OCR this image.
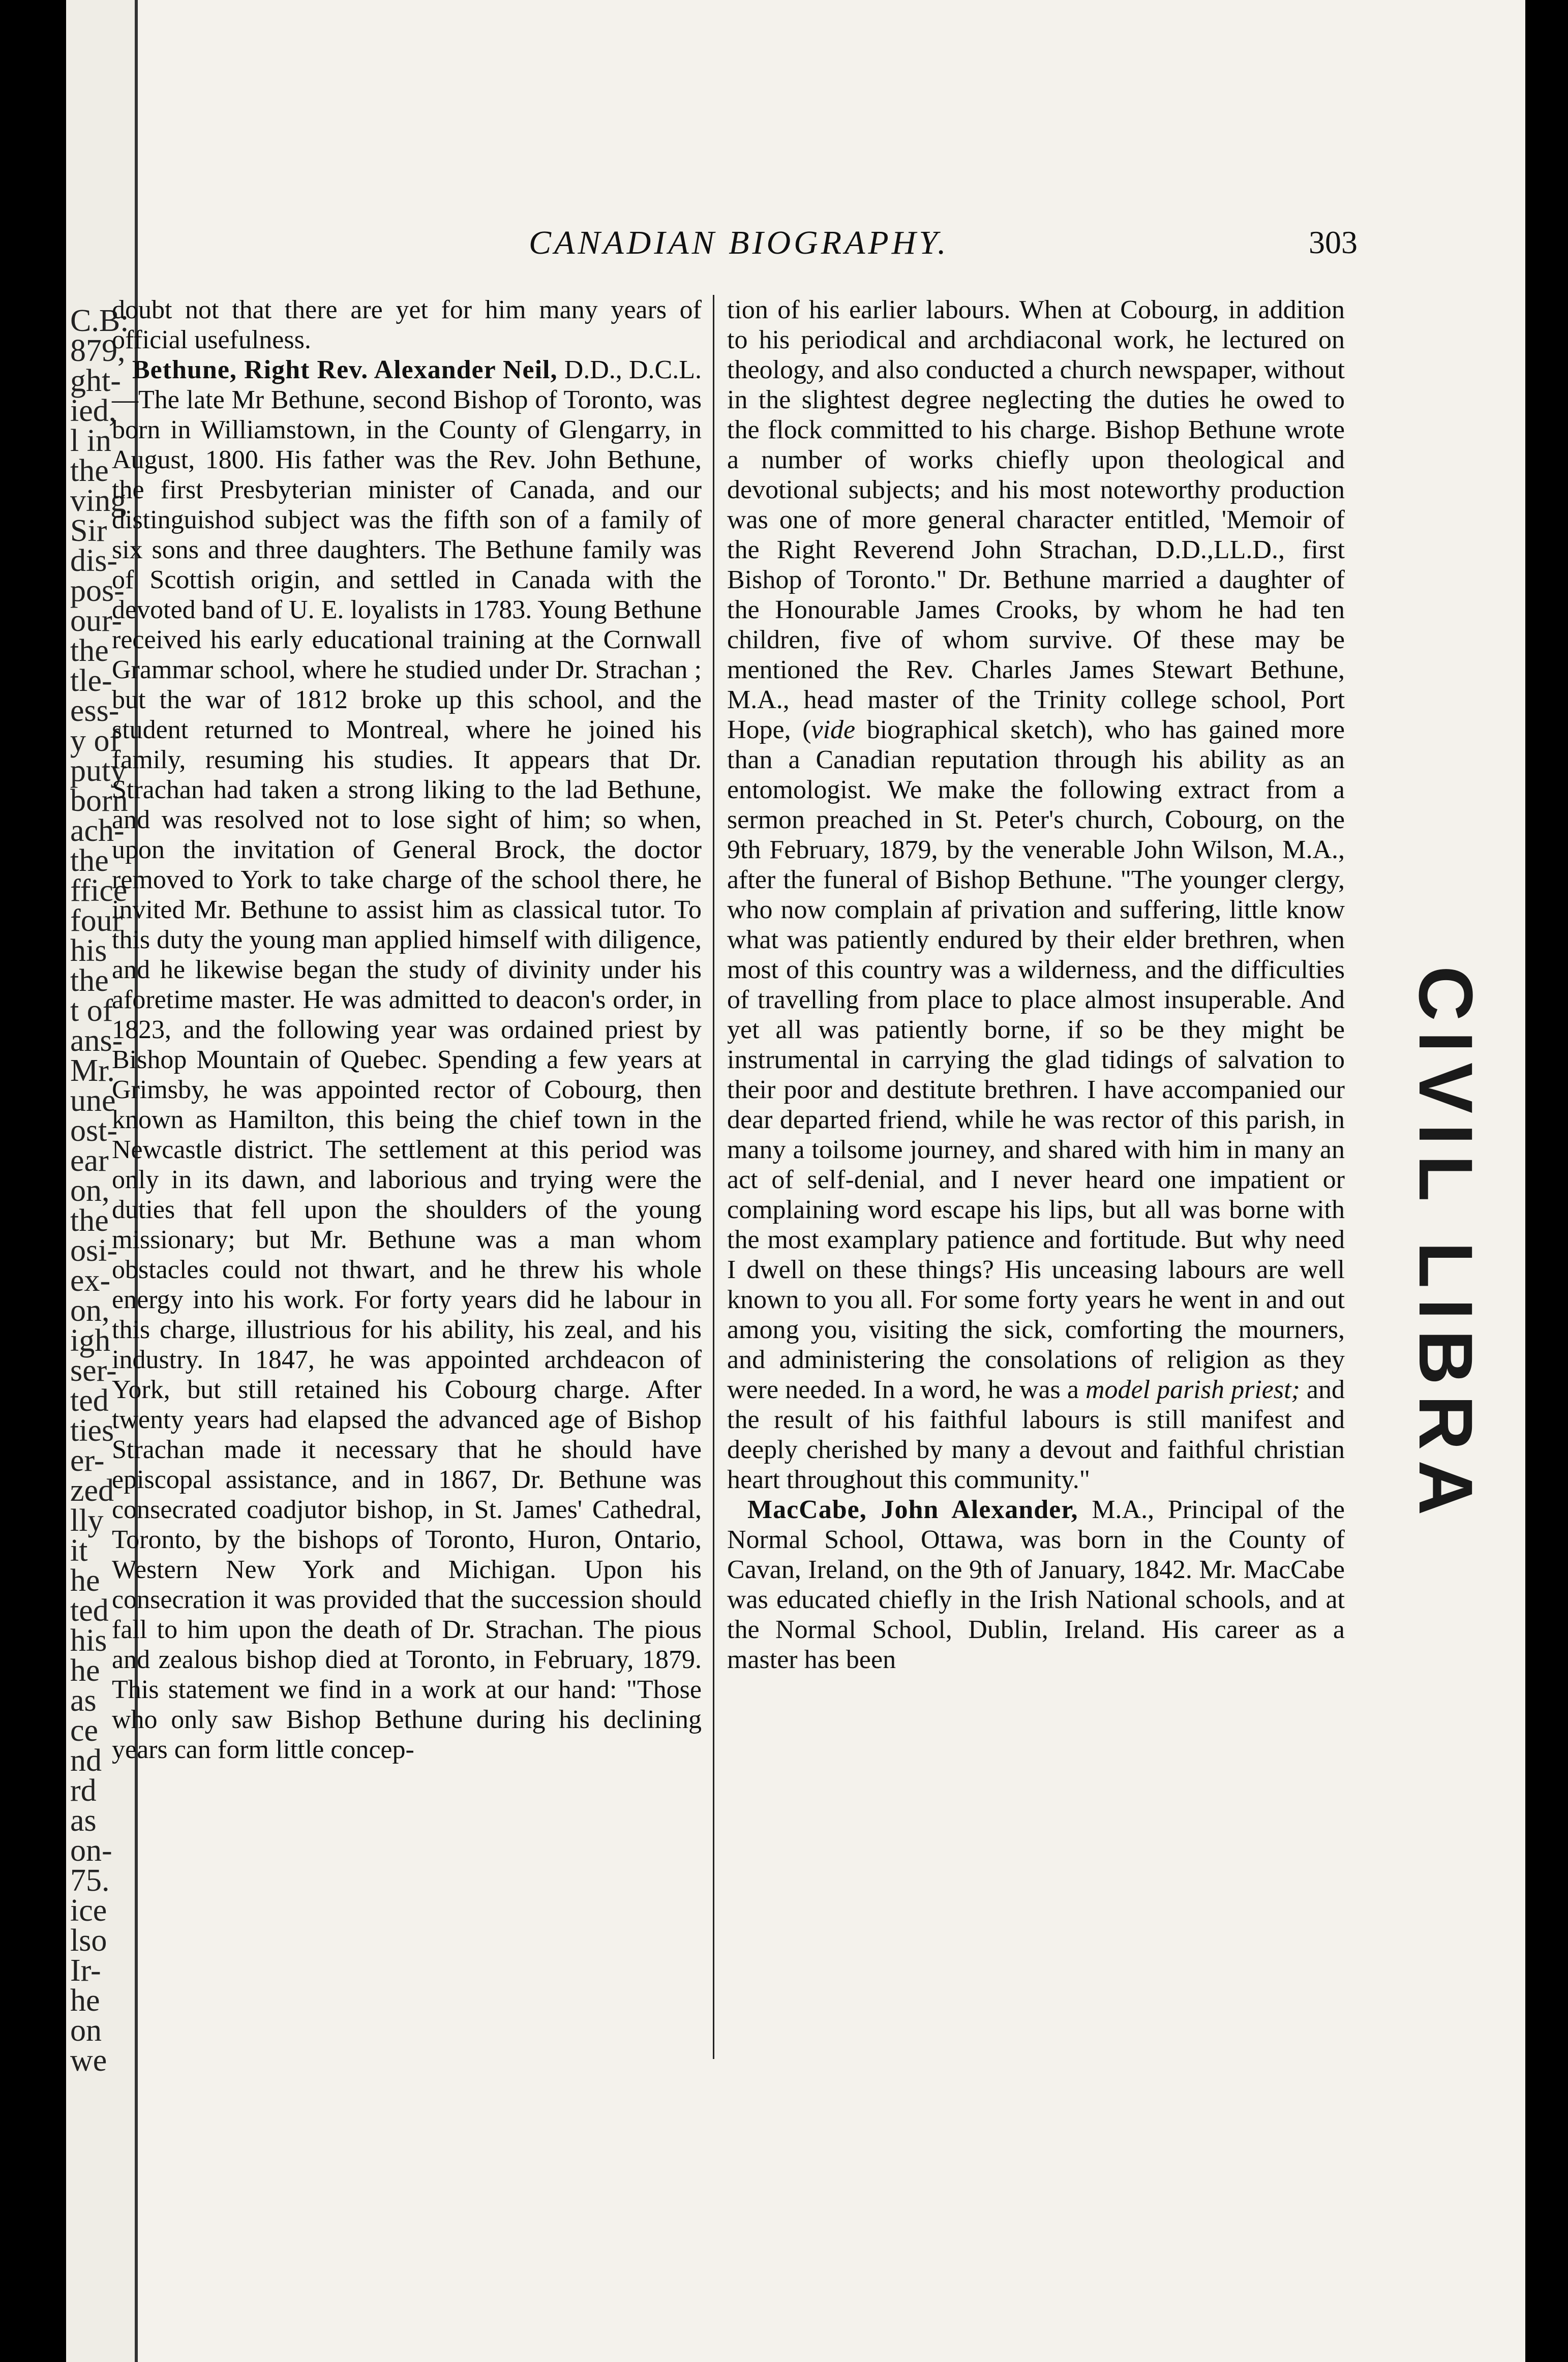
C.B:
879,
ght-
ied,
l in
the
ving
Sir
dis-
pos-
our-
the
tle-
ess-
y of
puty
born
ach-
the
ffice
four
his
the
t of
ans-
Mr.
une
ost-
ear
on,
the
osi-
ex-
on,
igh
ser-
ted
ties
er-
zed
lly
it
he
ted
his
he
as
ce
nd
rd
as
on-
75.
ice
lso
Ir-
he
on
we
CANADIAN BIOGRAPHY.	303

doubt not that there are yet for him many years of official usefulness.

Bethune, Right Rev. Alexander Neil, D.D., D.C.L.—The late Mr Bethune, second Bishop of Toronto, was born in Williamstown, in the County of Glengarry, in August, 1800. His father was the Rev. John Bethune, the first Presbyterian minister of Canada, and our distinguishod subject was the fifth son of a family of six sons and three daughters. The Bethune family was of Scottish origin, and settled in Canada with the devoted band of U. E. loyalists in 1783. Young Bethune received his early educational training at the Cornwall Grammar school, where he studied under Dr. Strachan ; but the war of 1812 broke up this school, and the student returned to Montreal, where he joined his family, resuming his studies. It appears that Dr. Strachan had taken a strong liking to the lad Bethune, and was resolved not to lose sight of him; so when, upon the invitation of General Brock, the doctor removed to York to take charge of the school there, he invited Mr. Bethune to assist him as classical tutor. To this duty the young man applied himself with diligence, and he likewise began the study of divinity under his aforetime master. He was admitted to deacon's order, in 1823, and the following year was ordained priest by Bishop Mountain of Quebec. Spending a few years at Grimsby, he was appointed rector of Cobourg, then known as Hamilton, this being the chief town in the Newcastle district. The settlement at this period was only in its dawn, and laborious and trying were the duties that fell upon the shoulders of the young missionary; but Mr. Bethune was a man whom obstacles could not thwart, and he threw his whole energy into his work. For forty years did he labour in this charge, illustrious for his ability, his zeal, and his industry. In 1847, he was appointed archdeacon of York, but still retained his Cobourg charge. After twenty years had elapsed the advanced age of Bishop Strachan made it necessary that he should have episcopal assistance, and in 1867, Dr. Bethune was consecrated coadjutor bishop, in St. James' Cathedral, Toronto, by the bishops of Toronto, Huron, Ontario, Western New York and Michigan. Upon his consecration it was provided that the succession should fall to him upon the death of Dr. Strachan. The pious and zealous bishop died at Toronto, in February, 1879. This statement we find in a work at our hand: "Those who only saw Bishop Bethune during his declining years can form little concep-

tion of his earlier labours. When at Cobourg, in addition to his periodical and archdiaconal work, he lectured on theology, and also conducted a church newspaper, without in the slightest degree neglecting the duties he owed to the flock committed to his charge. Bishop Bethune wrote a number of works chiefly upon theological and devotional subjects; and his most noteworthy production was one of more general character entitled, 'Memoir of the Right Reverend John Strachan, D.D.,LL.D., first Bishop of Toronto." Dr. Bethune married a daughter of the Honourable James Crooks, by whom he had ten children, five of whom survive. Of these may be mentioned the Rev. Charles James Stewart Bethune, M.A., head master of the Trinity college school, Port Hope, (vide biographical sketch), who has gained more than a Canadian reputation through his ability as an entomologist. We make the following extract from a sermon preached in St. Peter's church, Cobourg, on the 9th February, 1879, by the venerable John Wilson, M.A., after the funeral of Bishop Bethune. "The younger clergy, who now complain af privation and suffering, little know what was patiently endured by their elder brethren, when most of this country was a wilderness, and the difficulties of travelling from place to place almost insuperable. And yet all was patiently borne, if so be they might be instrumental in carrying the glad tidings of salvation to their poor and destitute brethren. I have accompanied our dear departed friend, while he was rector of this parish, in many a toilsome journey, and shared with him in many an act of self-denial, and I never heard one impatient or complaining word escape his lips, but all was borne with the most examplary patience and fortitude. But why need I dwell on these things? His unceasing labours are well known to you all. For some forty years he went in and out among you, visiting the sick, comforting the mourners, and administering the consolations of religion as they were needed. In a word, he was a model parish priest; and the result of his faithful labours is still manifest and deeply cherished by many a devout and faithful christian heart throughout this community."

MacCabe, John Alexander, M.A., Principal of the Normal School, Ottawa, was born in the County of Cavan, Ireland, on the 9th of January, 1842. Mr. MacCabe was educated chiefly in the Irish National schools, and at the Normal School, Dublin, Ireland. His career as a master has been

CIVIL LIBRA
